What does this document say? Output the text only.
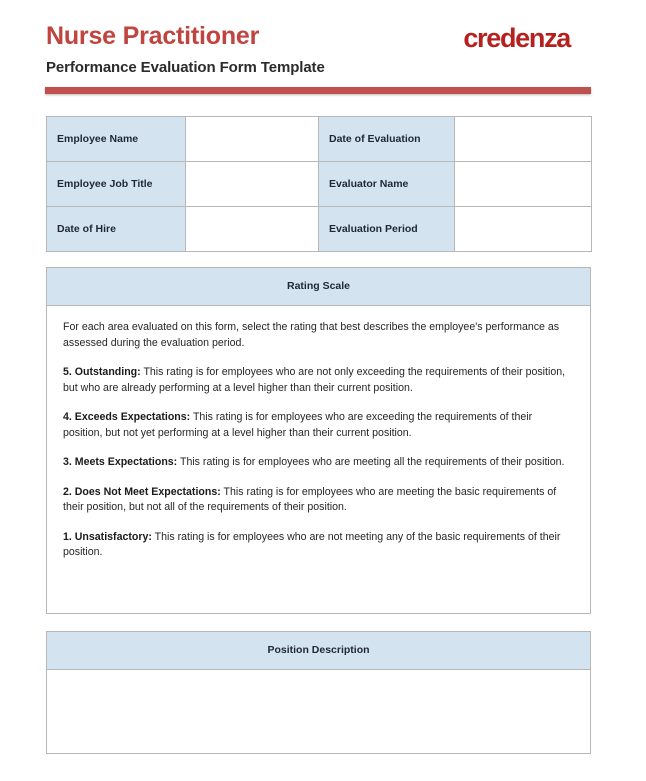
Nurse Practitioner
Performance Evaluation Form Template
credenza
Employee Name		Date of Evaluation	
Employee Job Title		Evaluator Name	
Date of Hire		Evaluation Period	
Rating Scale

For each area evaluated on this form, select the rating that best describes the employee's performance as assessed during the evaluation period.

5. Outstanding: This rating is for employees who are not only exceeding the requirements of their position, but who are already performing at a level higher than their current position.

4. Exceeds Expectations: This rating is for employees who are exceeding the requirements of their position, but not yet performing at a level higher than their current position.

3. Meets Expectations: This rating is for employees who are meeting all the requirements of their position.

2. Does Not Meet Expectations: This rating is for employees who are meeting the basic requirements of their position, but not all of the requirements of their position.

1. Unsatisfactory: This rating is for employees who are not meeting any of the basic requirements of their position.

Position Description
